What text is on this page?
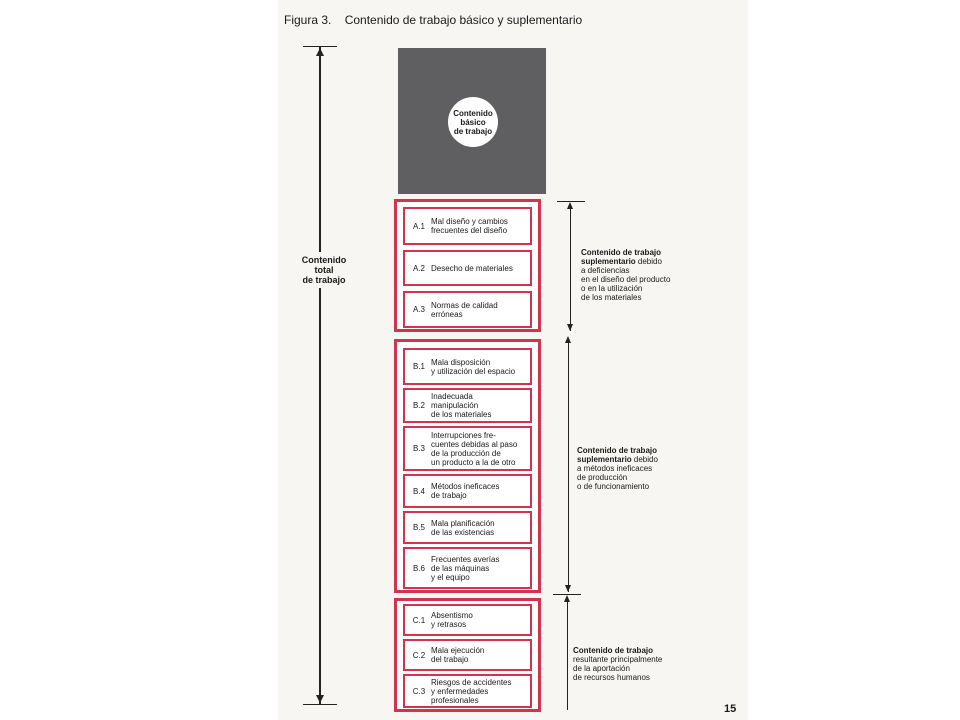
Figura 3. Contenido de trabajo básico y suplementario
Contenido
total
de trabajo
Contenido
básico
de trabajo
A.1 Mal diseño y cambios
frecuentes del diseño
A.2 Desecho de materiales
A.3 Normas de calidad
erróneas
B.1 Mala disposición
y utilización del espacio
B.2
Inadecuada
manipulación
de los materiales
B.3
Interrupciones fre-
cuentes debidas al paso
de la producción de
un producto a la de otro
B.4 Métodos ineficaces
de trabajo
B.5 Mala planificación
de las existencias
B.6
Frecuentes averías
de las máquinas
y el equipo
C.1 Absentismo
y retrasos
C.2 Mala ejecución
del trabajo
C.3
Riesgos de accidentes
y enfermedades
profesionales

Contenido de trabajo
suplementario debido
a deficiencias
en el diseño del producto
o en la utilización
de los materiales

Contenido de trabajo
suplementario debido
a métodos ineficaces
de producción
o de funcionamiento

Contenido de trabajo
resultante principalmente
de la aportación
de recursos humanos

15
